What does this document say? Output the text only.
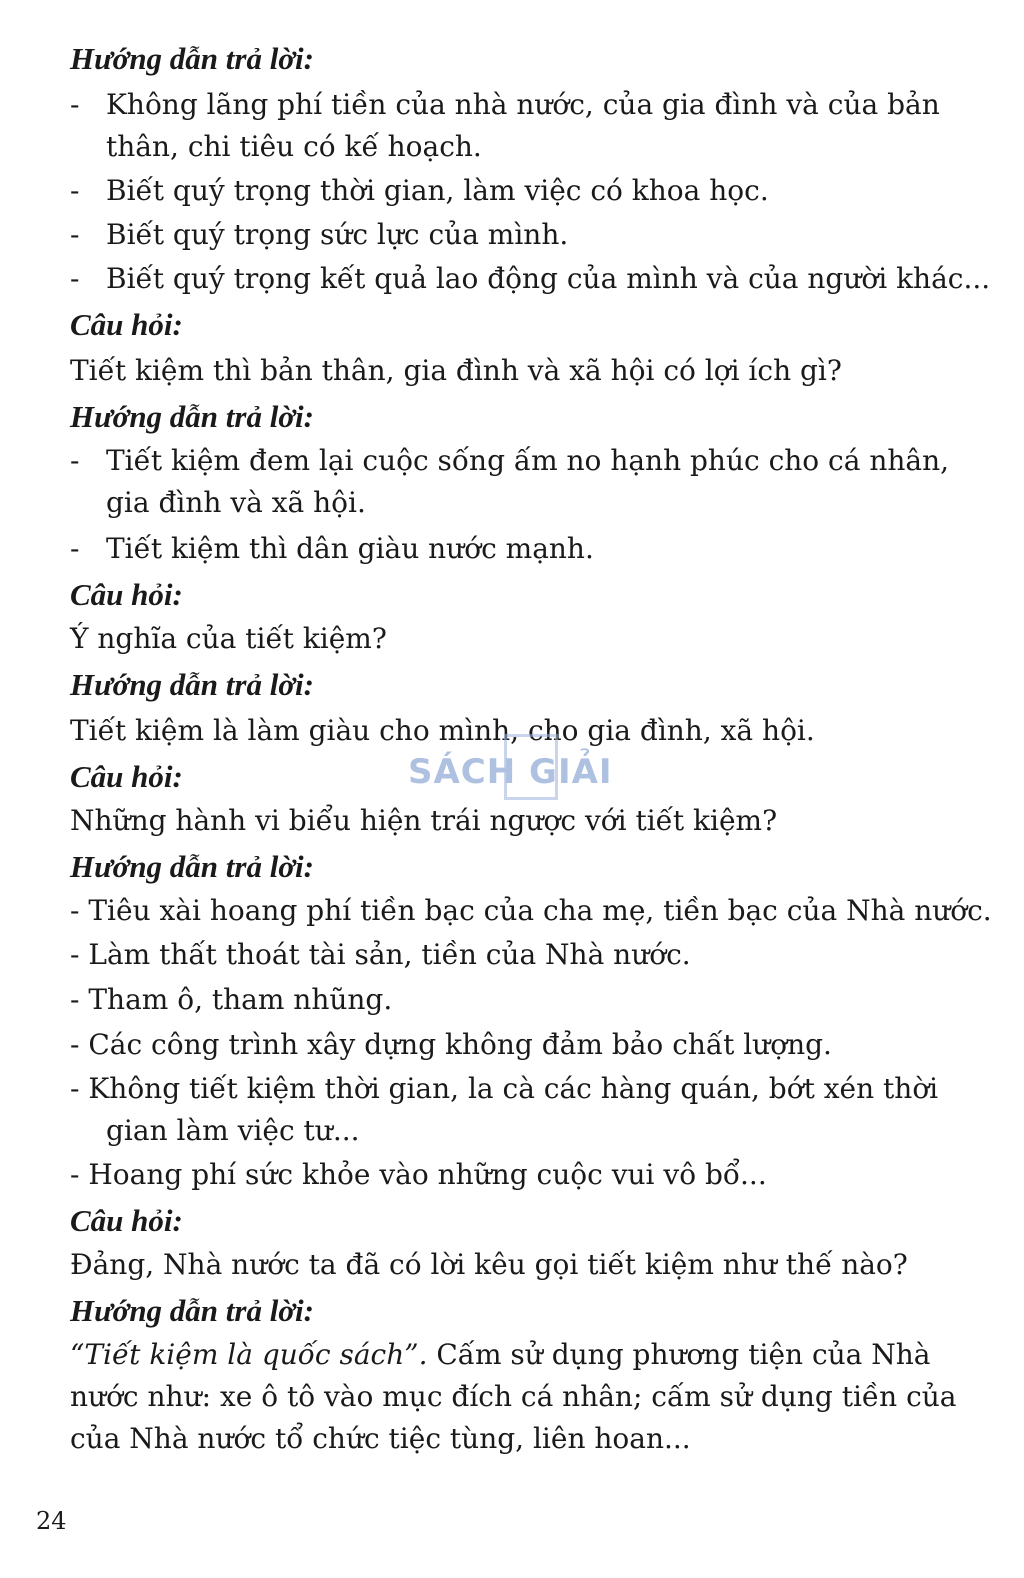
Hướng dẫn trả lời:
- Không lãng phí tiền của nhà nước, của gia đình và của bản
thân, chi tiêu có kế hoạch.
- Biết quý trọng thời gian, làm việc có khoa học.
- Biết quý trọng sức lực của mình.
- Biết quý trọng kết quả lao động của mình và của người khác...
Câu hỏi:
Tiết kiệm thì bản thân, gia đình và xã hội có lợi ích gì?
Hướng dẫn trả lời:
- Tiết kiệm đem lại cuộc sống ấm no hạnh phúc cho cá nhân,
gia đình và xã hội.
- Tiết kiệm thì dân giàu nước mạnh.
Câu hỏi:
Ý nghĩa của tiết kiệm?
Hướng dẫn trả lời:
Tiết kiệm là làm giàu cho mình, cho gia đình, xã hội.
Câu hỏi:
Những hành vi biểu hiện trái ngược với tiết kiệm?
Hướng dẫn trả lời:
- Tiêu xài hoang phí tiền bạc của cha mẹ, tiền bạc của Nhà nước.
- Làm thất thoát tài sản, tiền của Nhà nước.
- Tham ô, tham nhũng.
- Các công trình xây dựng không đảm bảo chất lượng.
- Không tiết kiệm thời gian, la cà các hàng quán, bớt xén thời
gian làm việc tư...
- Hoang phí sức khỏe vào những cuộc vui vô bổ...
Câu hỏi:
Đảng, Nhà nước ta đã có lời kêu gọi tiết kiệm như thế nào?
Hướng dẫn trả lời:
“Tiết kiệm là quốc sách”. Cấm sử dụng phương tiện của Nhà
nước như: xe ô tô vào mục đích cá nhân; cấm sử dụng tiền của
của Nhà nước tổ chức tiệc tùng, liên hoan...
SÁCH GIẢI
24
